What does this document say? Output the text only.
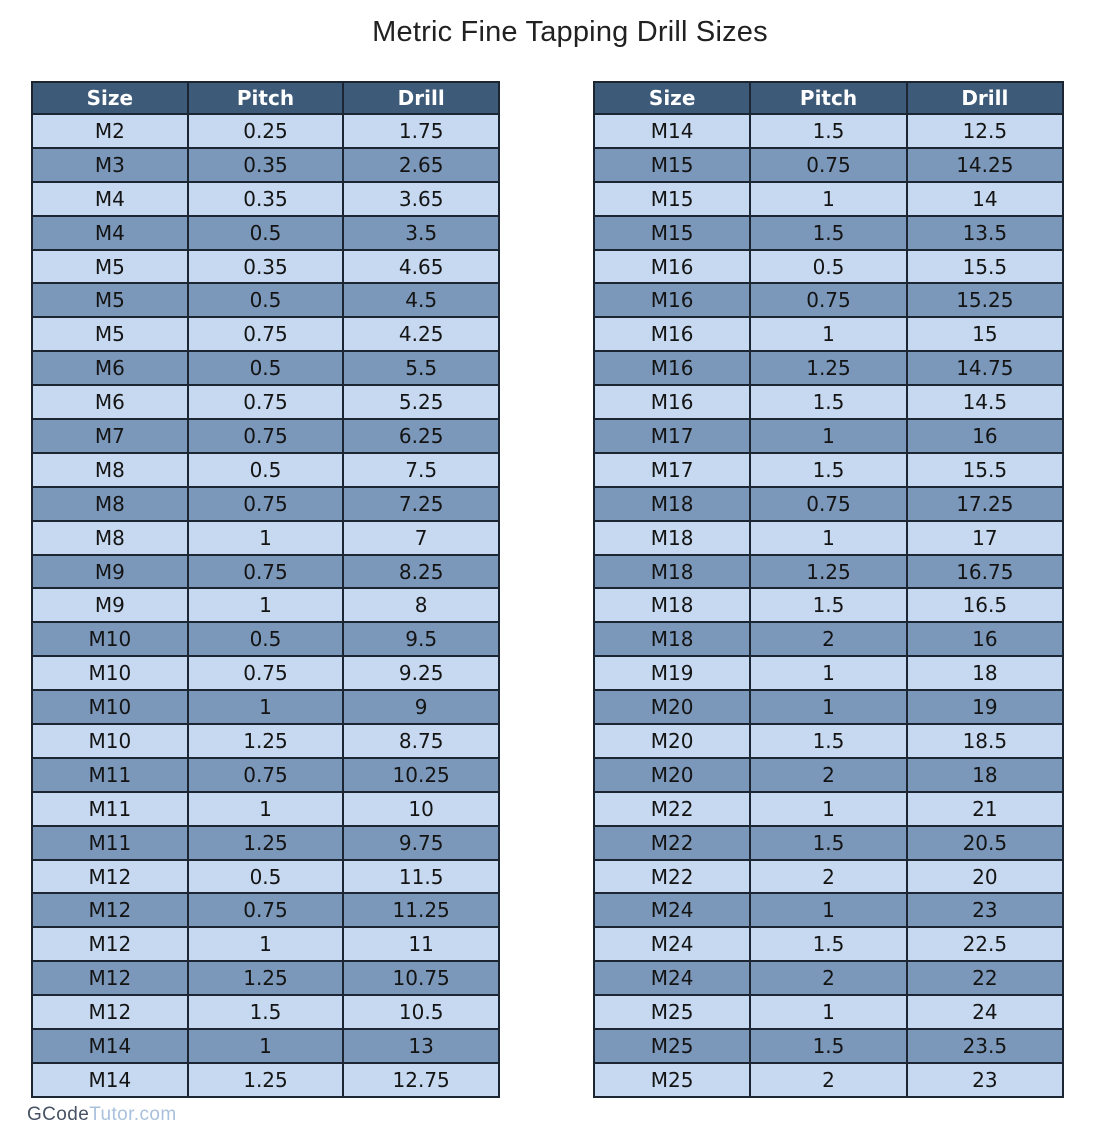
Metric Fine Tapping Drill Sizes
Size	Pitch	Drill
M2	0.25	1.75
M3	0.35	2.65
M4	0.35	3.65
M4	0.5	3.5
M5	0.35	4.65
M5	0.5	4.5
M5	0.75	4.25
M6	0.5	5.5
M6	0.75	5.25
M7	0.75	6.25
M8	0.5	7.5
M8	0.75	7.25
M8	1	7
M9	0.75	8.25
M9	1	8
M10	0.5	9.5
M10	0.75	9.25
M10	1	9
M10	1.25	8.75
M11	0.75	10.25
M11	1	10
M11	1.25	9.75
M12	0.5	11.5
M12	0.75	11.25
M12	1	11
M12	1.25	10.75
M12	1.5	10.5
M14	1	13
M14	1.25	12.75
Size	Pitch	Drill
M14	1.5	12.5
M15	0.75	14.25
M15	1	14
M15	1.5	13.5
M16	0.5	15.5
M16	0.75	15.25
M16	1	15
M16	1.25	14.75
M16	1.5	14.5
M17	1	16
M17	1.5	15.5
M18	0.75	17.25
M18	1	17
M18	1.25	16.75
M18	1.5	16.5
M18	2	16
M19	1	18
M20	1	19
M20	1.5	18.5
M20	2	18
M22	1	21
M22	1.5	20.5
M22	2	20
M24	1	23
M24	1.5	22.5
M24	2	22
M25	1	24
M25	1.5	23.5
M25	2	23
GCodeTutor.com
